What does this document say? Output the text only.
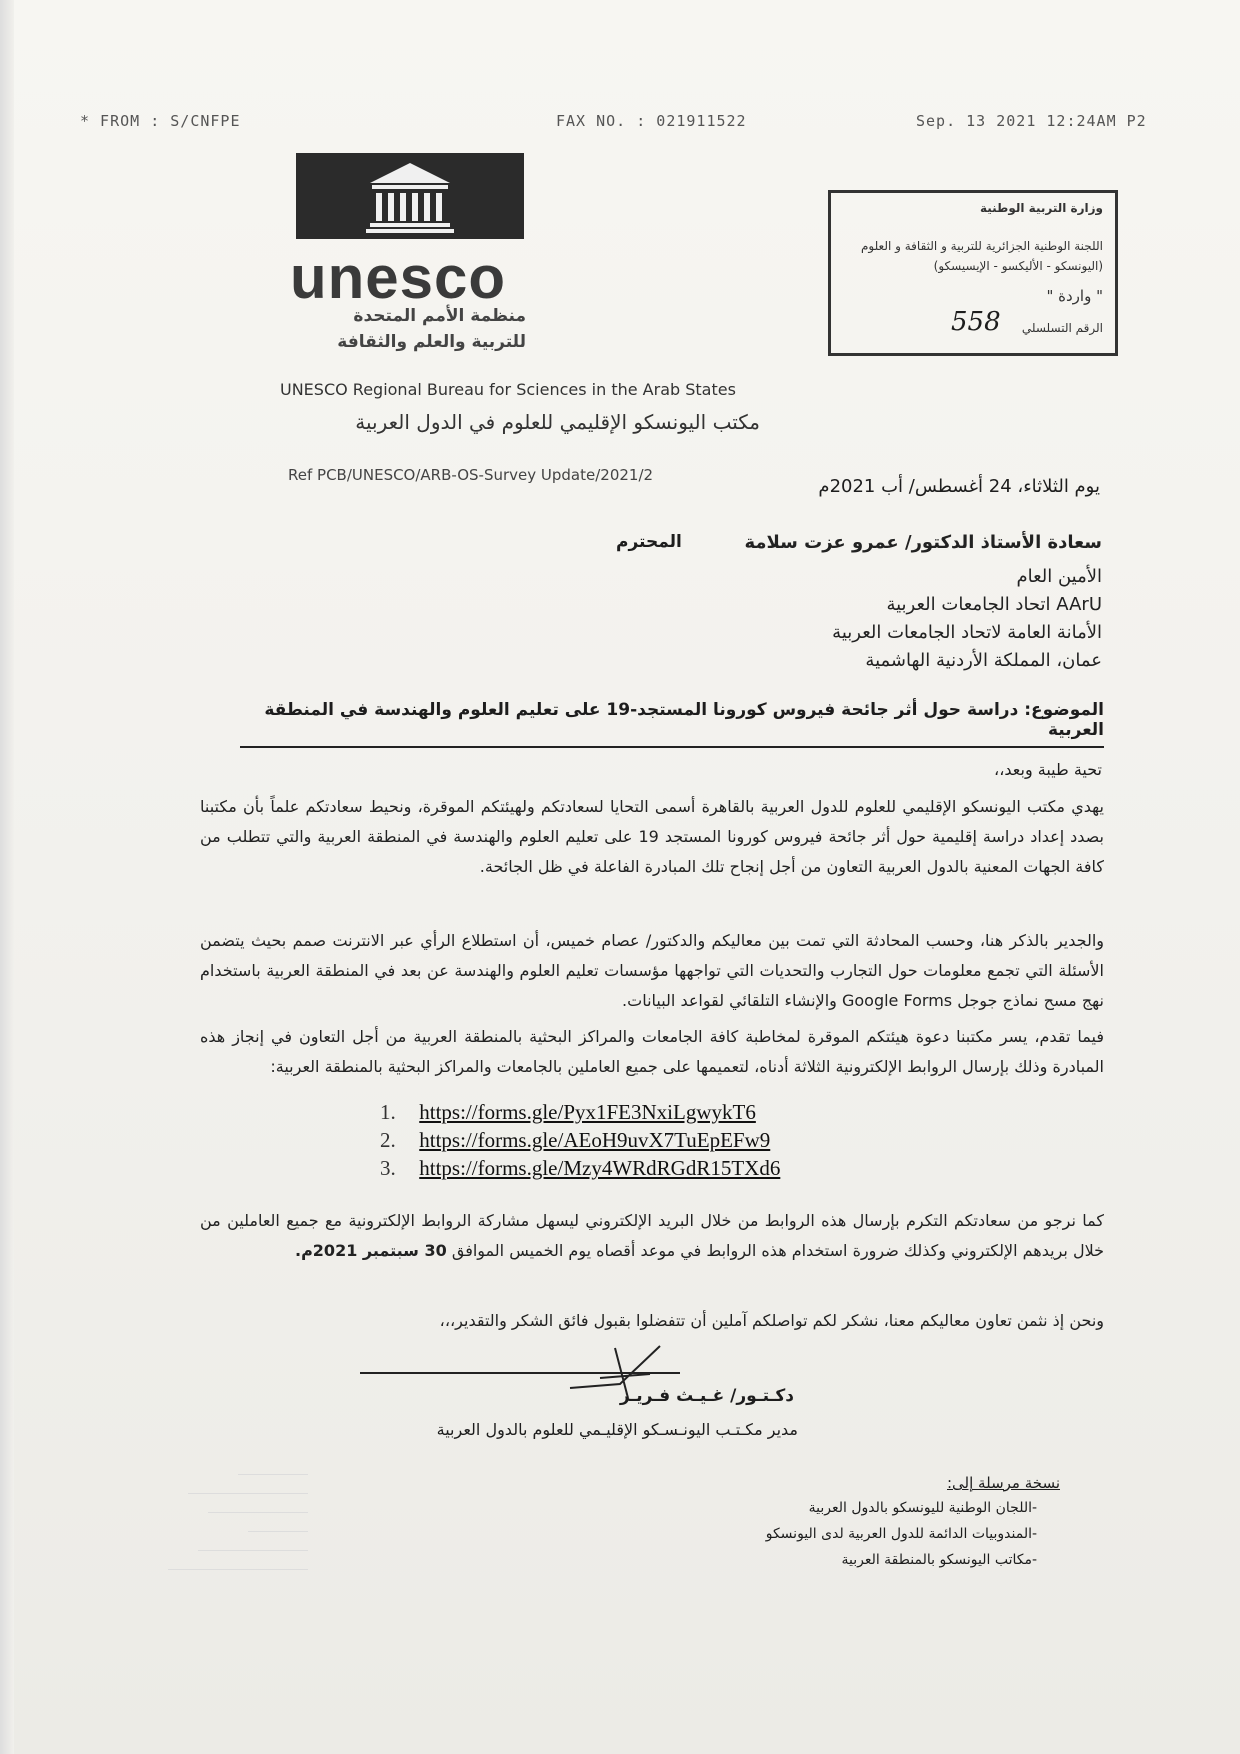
* FROM : S/CNFPE	FAX NO. : 021911522	Sep. 13 2021 12:24AM P2
unesco
منظمة الأمم المتحدة
للتربية والعلم والثقافة
UNESCO Regional Bureau for Sciences in the Arab States
مكتب اليونسكو الإقليمي للعلوم في الدول العربية
وزارة التربية الوطنية
اللجنة الوطنية الجزائرية للتربية و الثقافة و العلوم
(اليونسكو - الأليكسو - الإيسيسكو)
" واردة "
الرقم التسلسلي
558
Ref PCB/UNESCO/ARB-OS-Survey Update/2021/2
يوم الثلاثاء، 24 أغسطس/ أب 2021م
سعادة الأستاذ الدكتور/ عمرو عزت سلامة
المحترم
الأمين العام
اتحاد الجامعات العربية AArU
الأمانة العامة لاتحاد الجامعات العربية
عمان، المملكة الأردنية الهاشمية
الموضوع: دراسة حول أثر جائحة فيروس كورونا المستجد-19 على تعليم العلوم والهندسة في المنطقة العربية
تحية طيبة وبعد،،
يهدي مكتب اليونسكو الإقليمي للعلوم للدول العربية بالقاهرة أسمى التحايا لسعادتكم ولهيئتكم الموقرة، ونحيط سعادتكم علماً بأن مكتبنا بصدد إعداد دراسة إقليمية حول أثر جائحة فيروس كورونا المستجد 19 على تعليم العلوم والهندسة في المنطقة العربية والتي تتطلب من كافة الجهات المعنية بالدول العربية التعاون من أجل إنجاح تلك المبادرة الفاعلة في ظل الجائحة.
والجدير بالذكر هنا، وحسب المحادثة التي تمت بين معاليكم والدكتور/ عصام خميس، أن استطلاع الرأي عبر الانترنت صمم بحيث يتضمن الأسئلة التي تجمع معلومات حول التجارب والتحديات التي تواجهها مؤسسات تعليم العلوم والهندسة عن بعد في المنطقة العربية باستخدام نهج مسح نماذج جوجل Google Forms والإنشاء التلقائي لقواعد البيانات.
فيما تقدم، يسر مكتبنا دعوة هيئتكم الموقرة لمخاطبة كافة الجامعات والمراكز البحثية بالمنطقة العربية من أجل التعاون في إنجاز هذه المبادرة وذلك بإرسال الروابط الإلكترونية الثلاثة أدناه، لتعميمها على جميع العاملين بالجامعات والمراكز البحثية بالمنطقة العربية:
1. https://forms.gle/Pyx1FE3NxiLgwykT6
2. https://forms.gle/AEoH9uvX7TuEpEFw9
3. https://forms.gle/Mzy4WRdRGdR15TXd6
كما نرجو من سعادتكم التكرم بإرسال هذه الروابط من خلال البريد الإلكتروني ليسهل مشاركة الروابط الإلكترونية مع جميع العاملين من خلال بريدهم الإلكتروني وكذلك ضرورة استخدام هذه الروابط في موعد أقصاه يوم الخميس الموافق 30 سبتمبر 2021م.
ونحن إذ نثمن تعاون معاليكم معنا، نشكر لكم تواصلكم آملين أن تتفضلوا بقبول فائق الشكر والتقدير،،،
دكـتـور/ غـيـث فـريـز
مدير مكـتـب اليونـسـكو الإقليـمي للعلوم بالدول العربية
نسخة مرسلة إلى:
-
اللجان الوطنية لليونسكو بالدول العربية
-
المندوبيات الدائمة للدول العربية لدى اليونسكو
-
مكاتب اليونسكو بالمنطقة العربية
